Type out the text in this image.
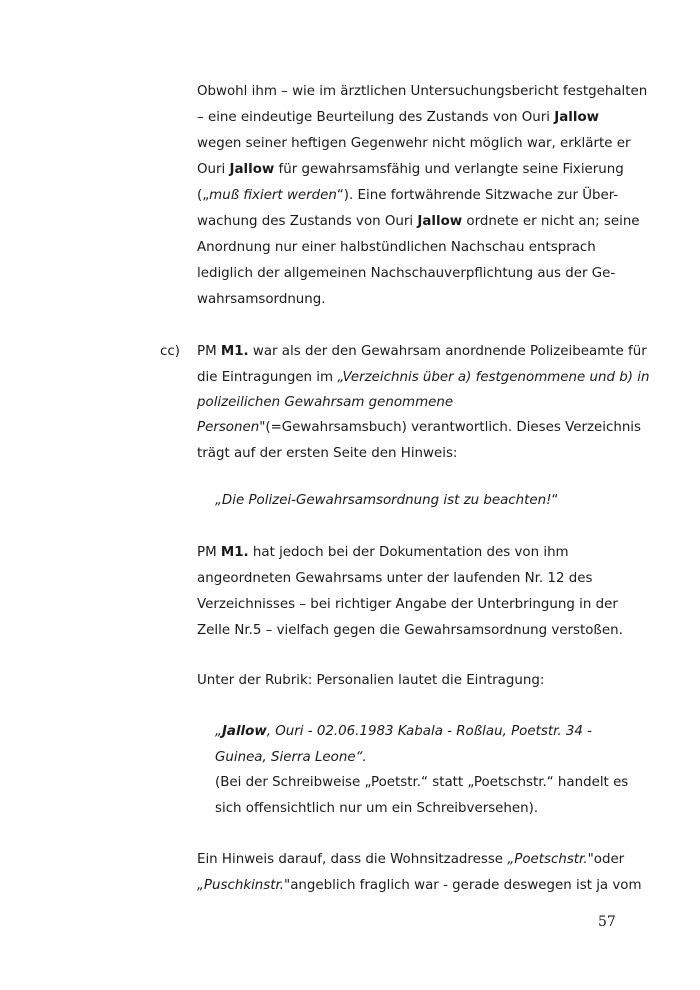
Obwohl ihm – wie im ärztlichen Untersuchungsbericht festgehalten
– eine eindeutige Beurteilung des Zustands von Ouri Jallow
wegen seiner heftigen Gegenwehr nicht möglich war, erklärte er
Ouri Jallow für gewahrsamsfähig und verlangte seine Fixierung
(„muß fixiert werden“). Eine fortwährende Sitzwache zur Über-
wachung des Zustands von Ouri Jallow ordnete er nicht an; seine
Anordnung nur einer halbstündlichen Nachschau entsprach
lediglich der allgemeinen Nachschauverpflichtung aus der Ge-
wahrsamsordnung.
cc) PM M1. war als der den Gewahrsam anordnende Polizeibeamte für
die Eintragungen im „Verzeichnis über a) festgenommene und b) in
polizeilichen Gewahrsam genommene
Personen"(=Gewahrsamsbuch) verantwortlich. Dieses Verzeichnis
trägt auf der ersten Seite den Hinweis:
„Die Polizei-Gewahrsamsordnung ist zu beachten!“
PM M1. hat jedoch bei der Dokumentation des von ihm
angeordneten Gewahrsams unter der laufenden Nr. 12 des
Verzeichnisses – bei richtiger Angabe der Unterbringung in der
Zelle Nr.5 – vielfach gegen die Gewahrsamsordnung verstoßen.
Unter der Rubrik: Personalien lautet die Eintragung:
„Jallow, Ouri - 02.06.1983 Kabala - Roßlau, Poetstr. 34 -
Guinea, Sierra Leone“.
(Bei der Schreibweise „Poetstr.“ statt „Poetschstr.“ handelt es
sich offensichtlich nur um ein Schreibversehen).
Ein Hinweis darauf, dass die Wohnsitzadresse „Poetschstr."oder
„Puschkinstr."angeblich fraglich war - gerade deswegen ist ja vom
57
